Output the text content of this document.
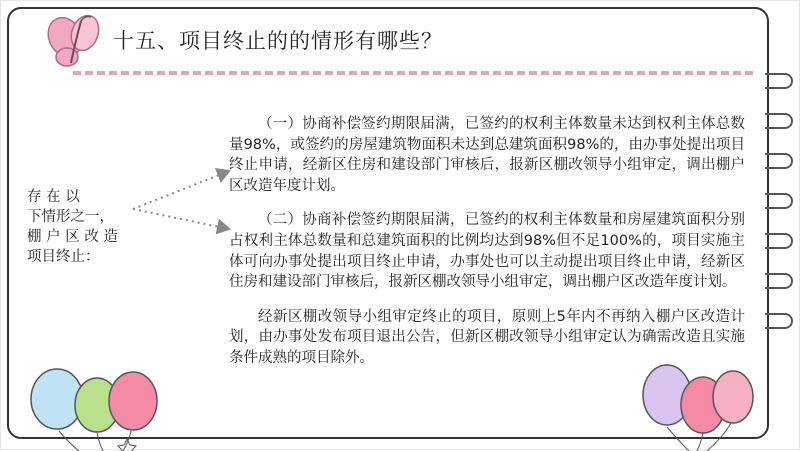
十五、项目终止的的情形有哪些？
存 在 以
下情形之一，
棚 户 区 改 造
项目终止：

（一）协商补偿签约期限届满，已签约的权利主体数量未达到权利主体总数量98%，或签约的房屋建筑物面积未达到总建筑面积98%的，由办事处提出项目终止申请，经新区住房和建设部门审核后，报新区棚改领导小组审定，调出棚户区改造年度计划。

（二）协商补偿签约期限届满，已签约的权利主体数量和房屋建筑面积分别占权利主体总数量和总建筑面积的比例均达到98%但不足100%的，项目实施主体可向办事处提出项目终止申请，办事处也可以主动提出项目终止申请，经新区住房和建设部门审核后，报新区棚改领导小组审定，调出棚户区改造年度计划。

经新区棚改领导小组审定终止的项目，原则上5年内不再纳入棚户区改造计划，由办事处发布项目退出公告，但新区棚改领导小组审定认为确需改造且实施条件成熟的项目除外。
